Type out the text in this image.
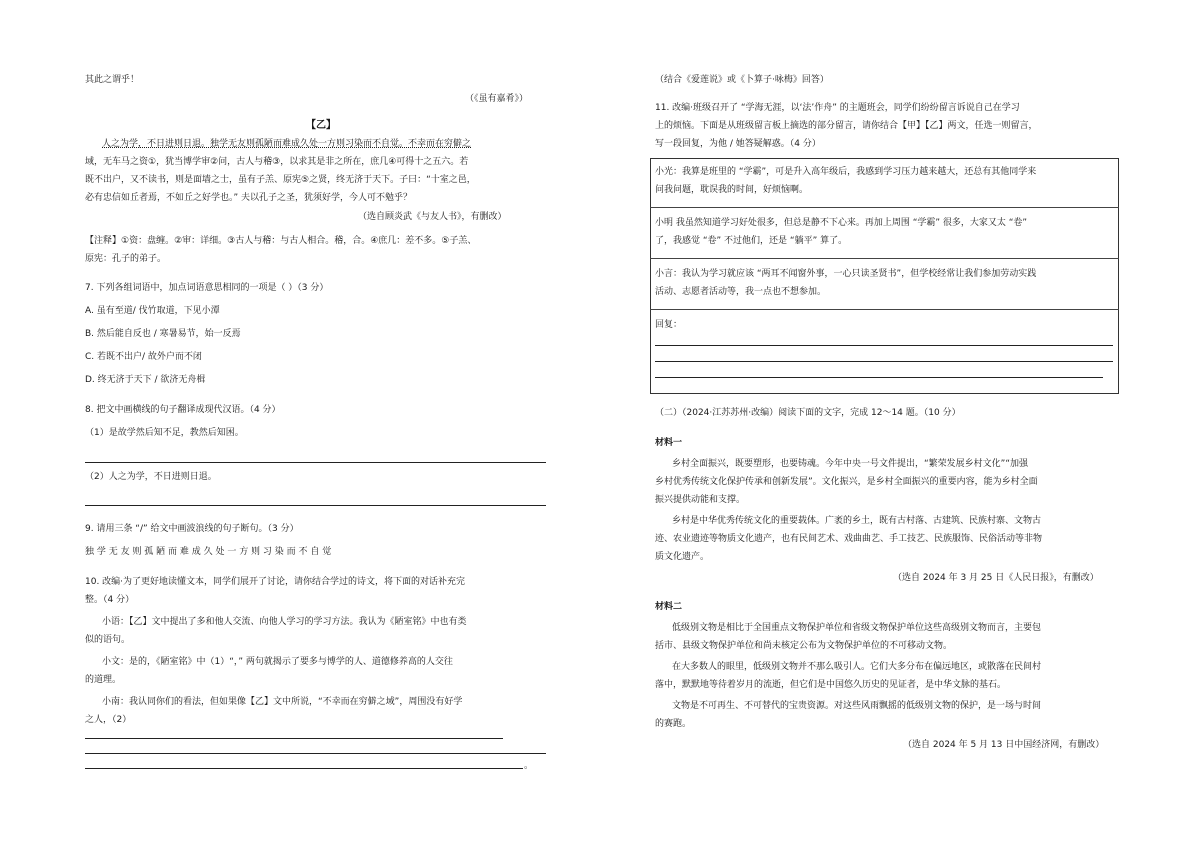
其此之谓乎！
（《虽有嘉肴》）
【乙】
人之为学，不日进则日退。独学无友则孤陋而难成久处一方则习染而不自觉。不幸而在穷僻之
域，无车马之资①，犹当博学审②问，古人与稽③，以求其是非之所在，庶几④可得十之五六。若
既不出户，又不读书，则是面墙之士，虽有子羔、原宪⑤之贤，终无济于天下。子曰：“十室之邑，
必有忠信如丘者焉，不如丘之好学也。” 夫以孔子之圣，犹须好学，今人可不勉乎？
（选自顾炎武《与友人书》，有删改）
【注释】①资：盘缠。②审：详细。③古人与稽：与古人相合。稽，合。④庶几：差不多。⑤子羔、
原宪：孔子的弟子。
7. 下列各组词语中，加点词语意思相同的一项是（ ）（3 分）
A. 虽有至道/ 伐竹取道，下见小潭
B. 然后能自反也 / 寒暑易节，始一反焉
C. 若既不出户/ 故外户而不闭
D. 终无济于天下 / 欲济无舟楫
8. 把文中画横线的句子翻译成现代汉语。（4 分）
（1）是故学然后知不足，教然后知困。
（2）人之为学，不日进则日退。
9. 请用三条 “/” 给文中画波浪线的句子断句。（3 分）
独 学 无 友 则 孤 陋 而 难 成 久 处 一 方 则 习 染 而 不 自 觉
10. 改编·为了更好地读懂文本，同学们展开了讨论，请你结合学过的诗文，将下面的对话补充完
整。（4 分）
小语：【乙】文中提出了多和他人交流、向他人学习的学习方法。我认为《陋室铭》中也有类
似的语句。
小文：是的，《陋室铭》中（1）“，” 两句就揭示了要多与博学的人、道德修养高的人交往
的道理。
小南：我认同你们的看法，但如果像【乙】文中所说，“不幸而在穷僻之域”，周围没有好学
之人，（2）
。
（结合《爱莲说》或《卜算子·咏梅》回答）
11. 改编·班级召开了 “学海无涯，以‘法’作舟” 的主题班会，同学们纷纷留言诉说自己在学习
上的烦恼。下面是从班级留言板上摘选的部分留言，请你结合【甲】【乙】两文，任选一则留言，
写一段回复，为他 / 她答疑解惑。（4 分）
小光：我算是班里的 “学霸”，可是升入高年级后，我感到学习压力越来越大，还总有其他同学来
问我问题，耽误我的时间，好烦恼啊。
小明 我虽然知道学习好处很多，但总是静不下心来。再加上周围 “学霸” 很多，大家又太 “卷”
了，我感觉 “卷” 不过他们，还是 “躺平” 算了。
小言：我认为学习就应该 “两耳不闻窗外事，一心只读圣贤书”，但学校经常让我们参加劳动实践
活动、志愿者活动等，我一点也不想参加。
回复：
（二）（2024·江苏苏州·改编）阅读下面的文字，完成 12～14 题。（10 分）
材料一
乡村全面振兴，既要塑形，也要铸魂。今年中央一号文件提出，“繁荣发展乡村文化”“加强
乡村优秀传统文化保护传承和创新发展”。文化振兴，是乡村全面振兴的重要内容，能为乡村全面
振兴提供动能和支撑。
乡村是中华优秀传统文化的重要载体。广袤的乡土，既有古村落、古建筑、民族村寨、文物古
迹、农业遗迹等物质文化遗产，也有民间艺术、戏曲曲艺、手工技艺、民族服饰、民俗活动等非物
质文化遗产。
（选自 2024 年 3 月 25 日《人民日报》，有删改）
材料二
低级别文物是相比于全国重点文物保护单位和省级文物保护单位这些高级别文物而言，主要包
括市、县级文物保护单位和尚未核定公布为文物保护单位的不可移动文物。
在大多数人的眼里，低级别文物并不那么吸引人。它们大多分布在偏远地区，或散落在民间村
落中，默默地等待着岁月的流逝，但它们是中国悠久历史的见证者，是中华文脉的基石。
文物是不可再生、不可替代的宝贵资源。对这些风雨飘摇的低级别文物的保护，是一场与时间
的赛跑。
（选自 2024 年 5 月 13 日中国经济网，有删改）
